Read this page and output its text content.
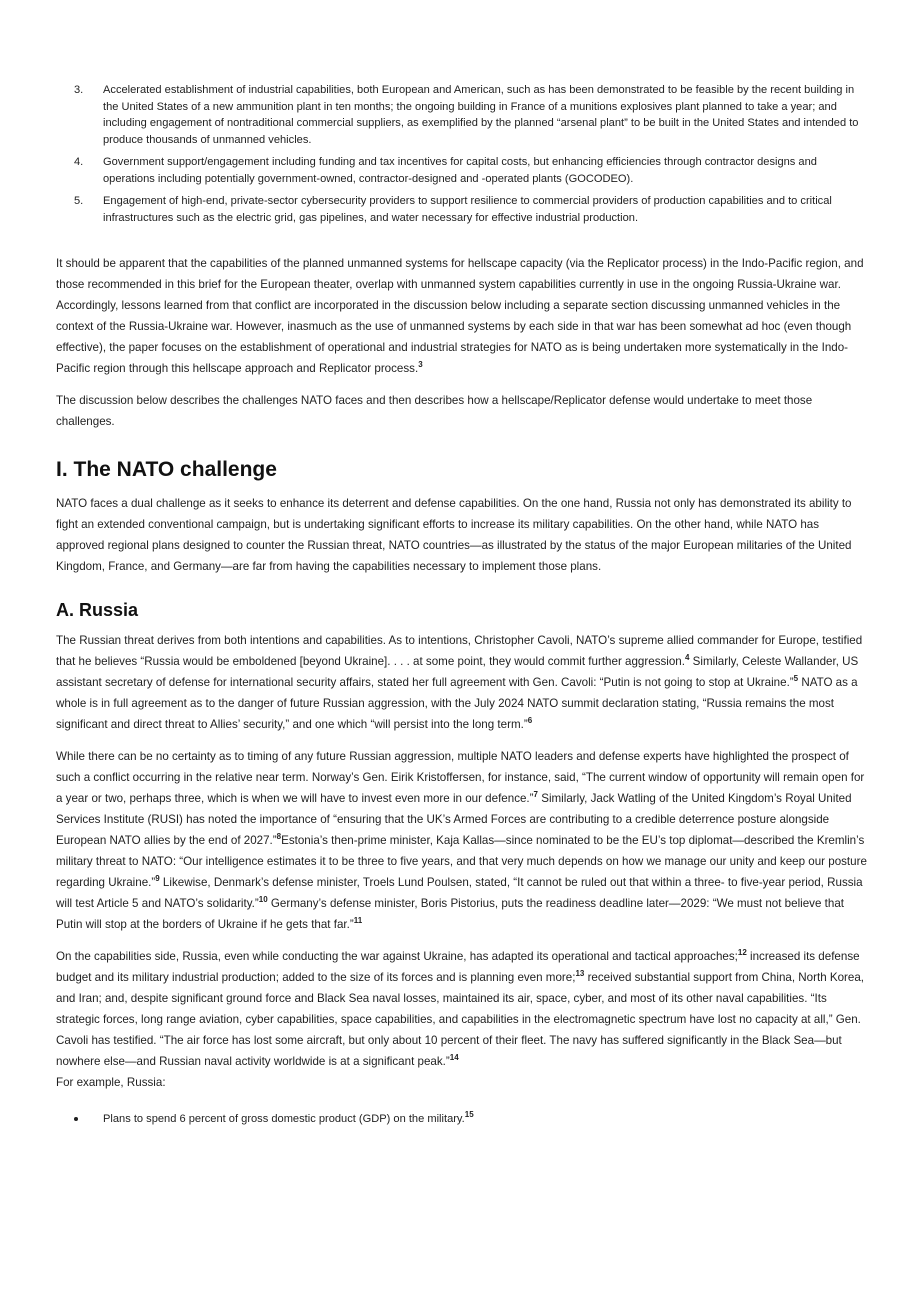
3. Accelerated establishment of industrial capabilities, both European and American, such as has been demonstrated to be feasible by the recent building in the United States of a new ammunition plant in ten months; the ongoing building in France of a munitions explosives plant planned to take a year; and including engagement of nontraditional commercial suppliers, as exemplified by the planned “arsenal plant” to be built in the United States and intended to produce thousands of unmanned vehicles.
4. Government support/engagement including funding and tax incentives for capital costs, but enhancing efficiencies through contractor designs and operations including potentially government-owned, contractor-designed and -operated plants (GOCODEO).
5. Engagement of high-end, private-sector cybersecurity providers to support resilience to commercial providers of production capabilities and to critical infrastructures such as the electric grid, gas pipelines, and water necessary for effective industrial production.

It should be apparent that the capabilities of the planned unmanned systems for hellscape capacity (via the Replicator process) in the Indo-Pacific region, and those recommended in this brief for the European theater, overlap with unmanned system capabilities currently in use in the ongoing Russia-Ukraine war. Accordingly, lessons learned from that conflict are incorporated in the discussion below including a separate section discussing unmanned vehicles in the context of the Russia-Ukraine war. However, inasmuch as the use of unmanned systems by each side in that war has been somewhat ad hoc (even though effective), the paper focuses on the establishment of operational and industrial strategies for NATO as is being undertaken more systematically in the Indo-Pacific region through this hellscape approach and Replicator process.$^3$

The discussion below describes the challenges NATO faces and then describes how a hellscape/Replicator defense would undertake to meet those challenges.

I. The NATO challenge

NATO faces a dual challenge as it seeks to enhance its deterrent and defense capabilities. On the one hand, Russia not only has demonstrated its ability to fight an extended conventional campaign, but is undertaking significant efforts to increase its military capabilities. On the other hand, while NATO has approved regional plans designed to counter the Russian threat, NATO countries—as illustrated by the status of the major European militaries of the United Kingdom, France, and Germany—are far from having the capabilities necessary to implement those plans.

A. Russia

The Russian threat derives from both intentions and capabilities. As to intentions, Christopher Cavoli, NATO’s supreme allied commander for Europe, testified that he believes “Russia would be emboldened [beyond Ukraine]. . . . at some point, they would commit further aggression.$^4$ Similarly, Celeste Wallander, US assistant secretary of defense for international security affairs, stated her full agreement with Gen. Cavoli: “Putin is not going to stop at Ukraine.”$^5$ NATO as a whole is in full agreement as to the danger of future Russian aggression, with the July 2024 NATO summit declaration stating, “Russia remains the most significant and direct threat to Allies’ security,” and one which “will persist into the long term.”$^6$

While there can be no certainty as to timing of any future Russian aggression, multiple NATO leaders and defense experts have highlighted the prospect of such a conflict occurring in the relative near term. Norway’s Gen. Eirik Kristoffersen, for instance, said, “The current window of opportunity will remain open for a year or two, perhaps three, which is when we will have to invest even more in our defence.”$^7$ Similarly, Jack Watling of the United Kingdom’s Royal United Services Institute (RUSI) has noted the importance of “ensuring that the UK’s Armed Forces are contributing to a credible deterrence posture alongside European NATO allies by the end of 2027.”$^8$Estonia’s then-prime minister, Kaja Kallas—since nominated to be the EU’s top diplomat—described the Kremlin’s military threat to NATO: “Our intelligence estimates it to be three to five years, and that very much depends on how we manage our unity and keep our posture regarding Ukraine.”$^9$ Likewise, Denmark’s defense minister, Troels Lund Poulsen, stated, “It cannot be ruled out that within a three- to five-year period, Russia will test Article 5 and NATO’s solidarity.”$^{10}$ Germany’s defense minister, Boris Pistorius, puts the readiness deadline later—2029: “We must not believe that Putin will stop at the borders of Ukraine if he gets that far.”$^{11}$

On the capabilities side, Russia, even while conducting the war against Ukraine, has adapted its operational and tactical approaches;$^{12}$ increased its defense budget and its military industrial production; added to the size of its forces and is planning even more;$^{13}$ received substantial support from China, North Korea, and Iran; and, despite significant ground force and Black Sea naval losses, maintained its air, space, cyber, and most of its other naval capabilities. “Its strategic forces, long range aviation, cyber capabilities, space capabilities, and capabilities in the electromagnetic spectrum have lost no capacity at all,” Gen. Cavoli has testified. “The air force has lost some aircraft, but only about 10 percent of their fleet. The navy has suffered significantly in the Black Sea—but nowhere else—and Russian naval activity worldwide is at a significant peak.”$^{14}$
For example, Russia:

Plans to spend 6 percent of gross domestic product (GDP) on the military.$^{15}$
